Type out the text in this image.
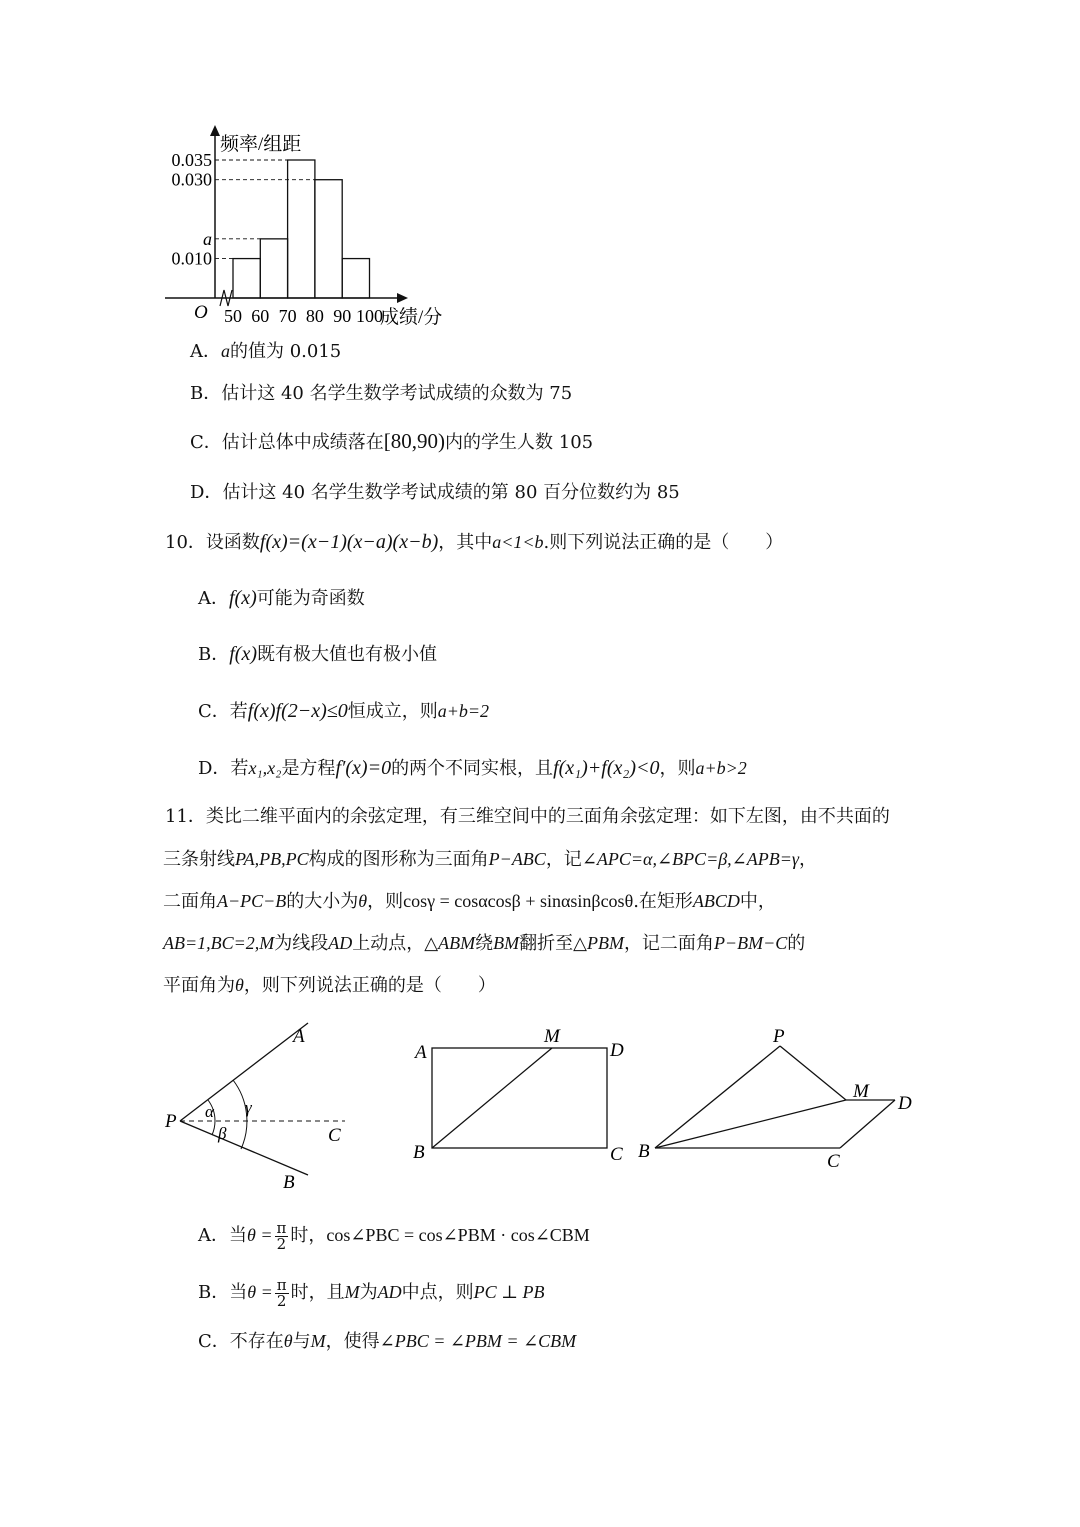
频率/组距
成绩/分
O
0.035
0.030
a
0.010
50 60 70 80 90 100
A．a的值为 0.015
B．估计这 40 名学生数学考试成绩的众数为 75
C．估计总体中成绩落在[80,90)内的学生人数 105
D．估计这 40 名学生数学考试成绩的第 80 百分位数约为 85
10．设函数f(x)=(x−1)(x−a)(x−b)，其中a<1<b.则下列说法正确的是（　　）
A．f(x)可能为奇函数
B．f(x)既有极大值也有极小值
C．若f(x)f(2−x)≤0恒成立，则a+b=2
D．若x₁,x₂是方程f′(x)=0的两个不同实根，且f(x₁)+f(x₂)<0，则a+b>2
11．类比二维平面内的余弦定理，有三维空间中的三面角余弦定理：如下左图，由不共面的
三条射线PA,PB,PC构成的图形称为三面角P−ABC，记∠APC=α,∠BPC=β,∠APB=γ，
二面角A−PC−B的大小为θ，则cosγ = cosαcosβ + sinαsinβcosθ.在矩形ABCD中，
AB=1,BC=2,M为线段AD上动点，△ABM绕BM翻折至△PBM，记二面角P−BM−C的
平面角为θ，则下列说法正确的是（　　）
A
B
C
P α
β
γ
A
B	C
D
M	P
B	C
D
M
A．当$\theta = \frac{\pi}{2}$ 时，cos∠PBC = cos∠PBM · cos∠CBM
B．当$\theta = \frac{\pi}{2}$ 时，且M为AD中点，则PC ⊥ PB
C．不存在θ与M，使得∠PBC = ∠PBM = ∠CBM
